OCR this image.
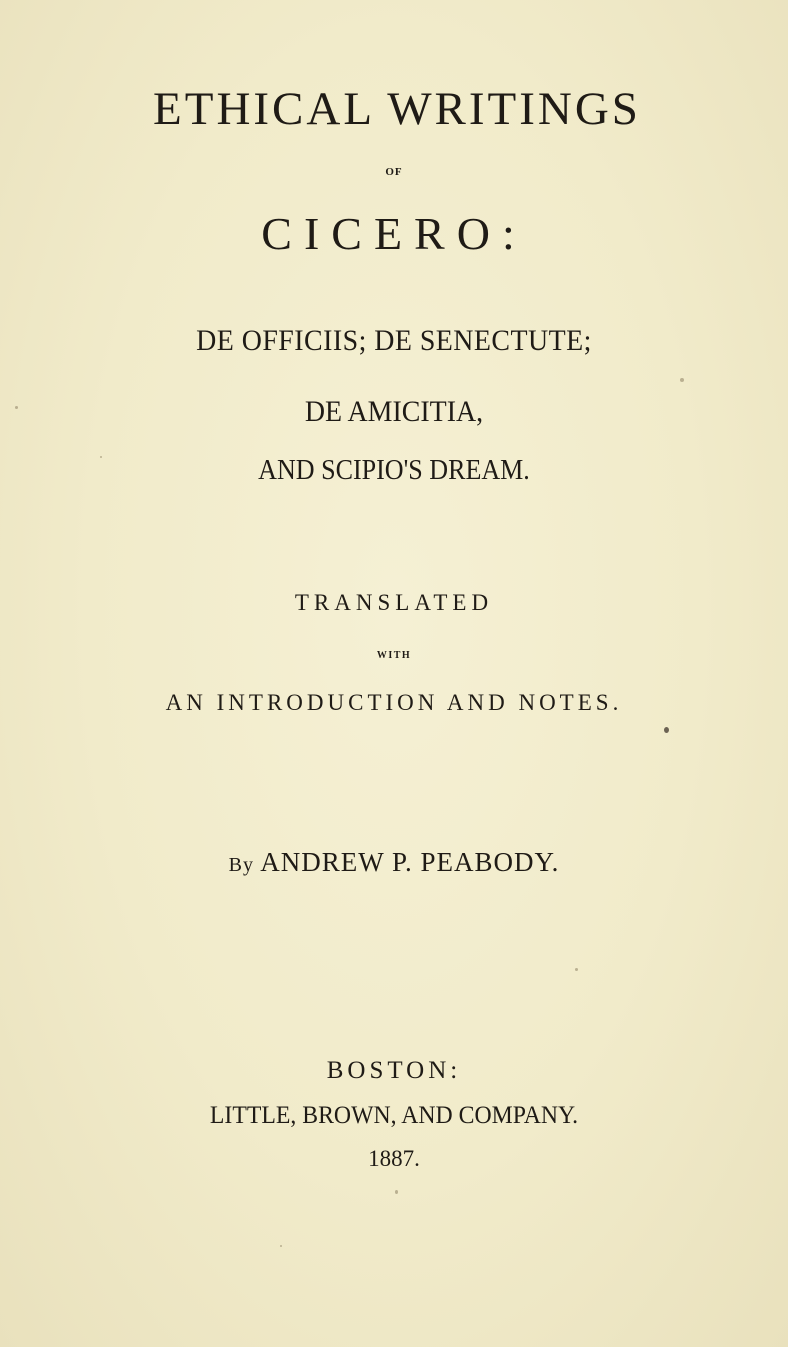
ETHICAL WRITINGS
OF
CICERO:
DE OFFICIIS; DE SENECTUTE;
DE AMICITIA,
AND SCIPIO'S DREAM.
TRANSLATED
WITH
AN INTRODUCTION AND NOTES.
By ANDREW P. PEABODY.
BOSTON:
LITTLE, BROWN, AND COMPANY.
1887.
